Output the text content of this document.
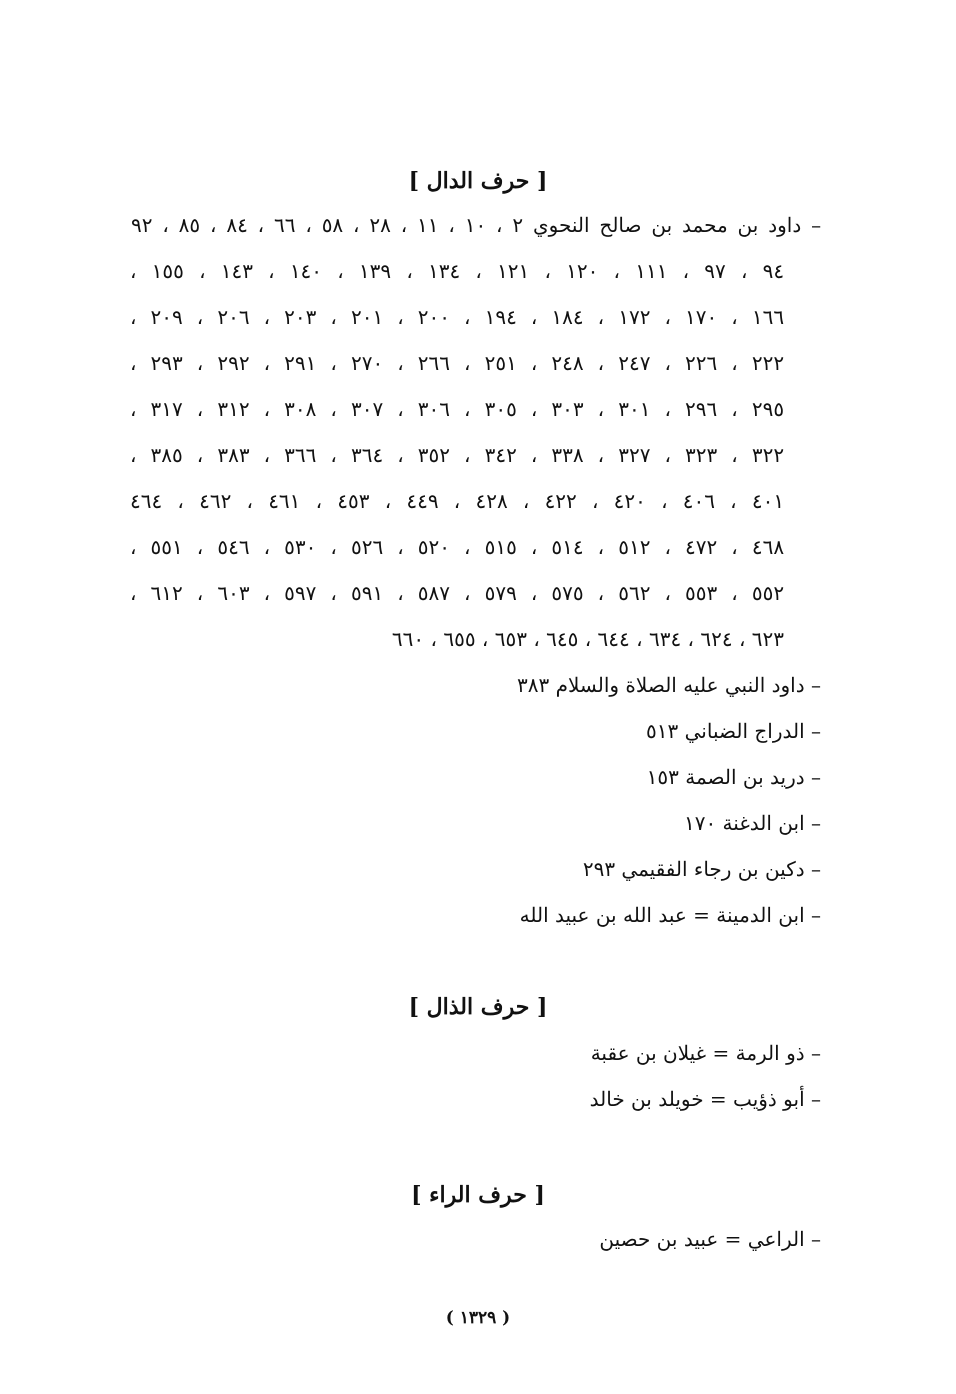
[ حرف الدال ]
– داود بن محمد بن صالح النحوي ٢ ، ١٠ ، ١١ ، ٢٨ ، ٥٨ ، ٦٦ ، ٨٤ ، ٨٥ ، ٩٢
٩٤ ، ٩٧ ، ١١١ ، ١٢٠ ، ١٢١ ، ١٣٤ ، ١٣٩ ، ١٤٠ ، ١٤٣ ، ١٥٥ ،
١٦٦ ، ١٧٠ ، ١٧٢ ، ١٨٤ ، ١٩٤ ، ٢٠٠ ، ٢٠١ ، ٢٠٣ ، ٢٠٦ ، ٢٠٩ ،
٢٢٢ ، ٢٢٦ ، ٢٤٧ ، ٢٤٨ ، ٢٥١ ، ٢٦٦ ، ٢٧٠ ، ٢٩١ ، ٢٩٢ ، ٢٩٣ ،
٢٩٥ ، ٢٩٦ ، ٣٠١ ، ٣٠٣ ، ٣٠٥ ، ٣٠٦ ، ٣٠٧ ، ٣٠٨ ، ٣١٢ ، ٣١٧ ،
٣٢٢ ، ٣٢٣ ، ٣٢٧ ، ٣٣٨ ، ٣٤٢ ، ٣٥٢ ، ٣٦٤ ، ٣٦٦ ، ٣٨٣ ، ٣٨٥ ،
٤٠١ ، ٤٠٦ ، ٤٢٠ ، ٤٢٢ ، ٤٢٨ ، ٤٤٩ ، ٤٥٣ ، ٤٦١ ، ٤٦٢ ، ٤٦٤
٤٦٨ ، ٤٧٢ ، ٥١٢ ، ٥١٤ ، ٥١٥ ، ٥٢٠ ، ٥٢٦ ، ٥٣٠ ، ٥٤٦ ، ٥٥١ ،
٥٥٢ ، ٥٥٣ ، ٥٦٢ ، ٥٧٥ ، ٥٧٩ ، ٥٨٧ ، ٥٩١ ، ٥٩٧ ، ٦٠٣ ، ٦١٢ ،
٦٢٣ ، ٦٢٤ ، ٦٣٤ ، ٦٤٤ ، ٦٤٥ ، ٦٥٣ ، ٦٥٥ ، ٦٦٠
– داود النبي عليه الصلاة والسلام ٣٨٣
– الدراج الضباني ٥١٣
– دريد بن الصمة ١٥٣
– ابن الدغنة ١٧٠
– دكين بن رجاء الفقيمي ٢٩٣
– ابن الدمينة = عبد الله بن عبيد الله
[ حرف الذال ]
– ذو الرمة = غيلان بن عقبة
– أبو ذؤيب = خويلد بن خالد
[ حرف الراء ]
– الراعي = عبيد بن حصين
( ١٣٢٩ )
